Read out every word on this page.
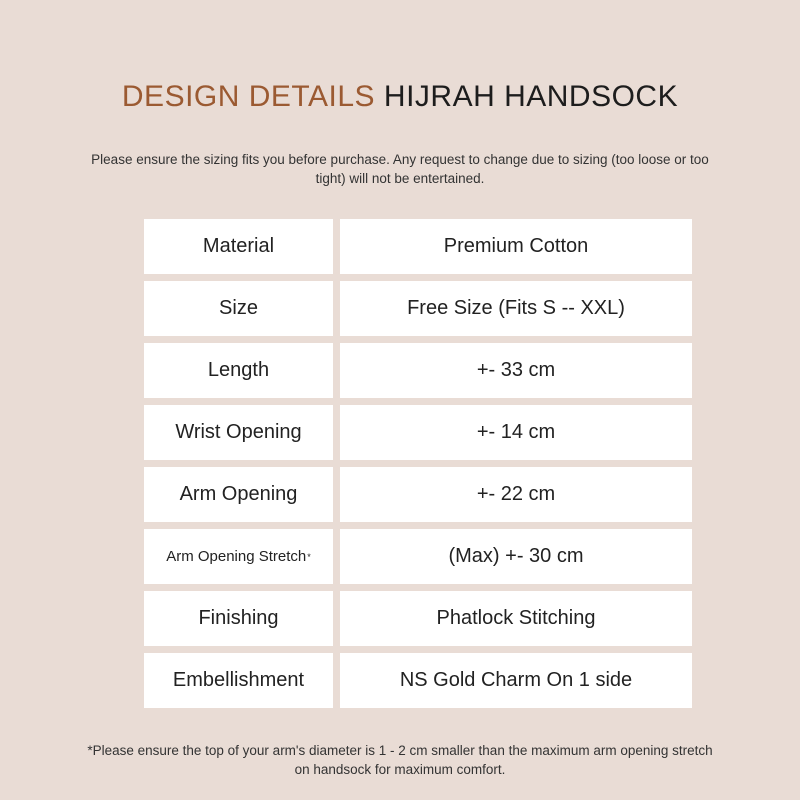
DESIGN DETAILS HIJRAH HANDSOCK
Please ensure the sizing fits you before purchase. Any request to change due to sizing (too loose or too tight) will not be entertained.
Material	Premium Cotton
Size	Free Size (Fits S -- XXL)
Length	+- 33 cm
Wrist Opening	+- 14 cm
Arm Opening	+- 22 cm
Arm Opening Stretch *	(Max) +- 30 cm
Finishing	Phatlock Stitching
Embellishment	NS Gold Charm On 1 side
*Please ensure the top of your arm's diameter is 1 - 2 cm smaller than the maximum arm opening stretch on handsock for maximum comfort.
